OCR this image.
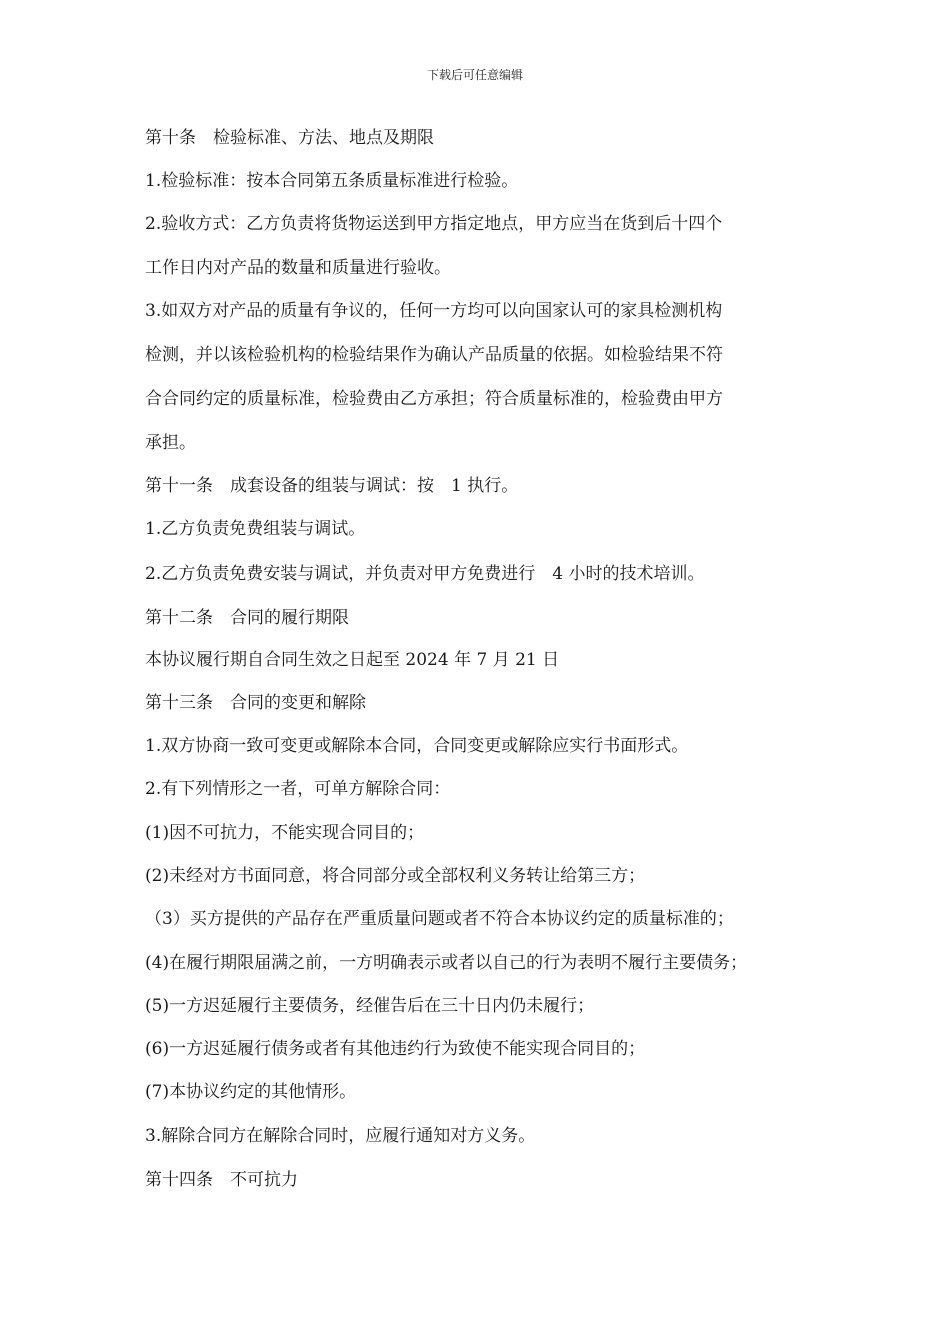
下载后可任意编辑

第十条　检验标准、方法、地点及期限

1.检验标准：按本合同第五条质量标准进行检验。

2.验收方式：乙方负责将货物运送到甲方指定地点，甲方应当在货到后十四个

工作日内对产品的数量和质量进行验收。

3.如双方对产品的质量有争议的，任何一方均可以向国家认可的家具检测机构

检测，并以该检验机构的检验结果作为确认产品质量的依据。如检验结果不符

合合同约定的质量标准，检验费由乙方承担；符合质量标准的，检验费由甲方

承担。

第十一条　成套设备的组装与调试：按　1 执行。

1.乙方负责免费组装与调试。

2.乙方负责免费安装与调试，并负责对甲方免费进行　4 小时的技术培训。

第十二条　合同的履行期限

本协议履行期自合同生效之日起至 2024 年 7 月 21 日

第十三条　合同的变更和解除

1.双方协商一致可变更或解除本合同，合同变更或解除应实行书面形式。

2.有下列情形之一者，可单方解除合同：

(1)因不可抗力，不能实现合同目的；

(2)未经对方书面同意，将合同部分或全部权利义务转让给第三方；

（3）买方提供的产品存在严重质量问题或者不符合本协议约定的质量标准的；

(4)在履行期限届满之前，一方明确表示或者以自己的行为表明不履行主要债务；

(5)一方迟延履行主要债务，经催告后在三十日内仍未履行；

(6)一方迟延履行债务或者有其他违约行为致使不能实现合同目的；

(7)本协议约定的其他情形。

3.解除合同方在解除合同时，应履行通知对方义务。

第十四条　不可抗力
